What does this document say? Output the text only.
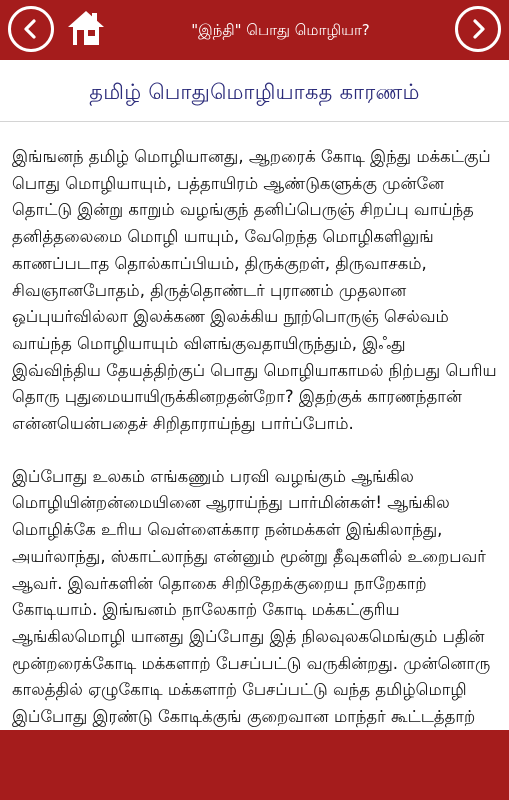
"இந்தி" பொது மொழியா?
தமிழ் பொதுமொழியாகத காரணம்

இங்ஙனந் தமிழ் மொழியானது, ஆறரைக் கோடி இந்து மக்கட்குப் பொது மொழியாயும், பத்தாயிரம் ஆண்டுகளுக்கு முன்னே தொட்டு இன்று காறும் வழங்குந் தனிப்பெருஞ் சிறப்பு வாய்ந்த தனித்தலைமை மொழி யாயும், வேறெந்த மொழிகளிலுங் காணப்படாத தொல்காப்பியம், திருக்குறள், திருவாசகம், சிவஞானபோதம், திருத்தொண்டர் புராணம் முதலான ஒப்புயர்வில்லா இலக்கண இலக்கிய நூற்பொருஞ் செல்வம் வாய்ந்த மொழியாயும் விளங்குவதாயிருந்தும், இஃது இவ்விந்திய தேயத்திற்குப் பொது மொழியாகாமல் நிற்பது பெரிய தொரு புதுமையாயிருக்கினறதன்றோ? இதற்குக் காரணந்தான் என்னயென்பதைச் சிறிதாராய்ந்து பார்ப்போம்.

இப்போது உலகம் எங்கணும் பரவி வழங்கும் ஆங்கில மொழியின்றன்மையினை ஆராய்ந்து பார்மின்கள்! ஆங்கில மொழிக்கே உரிய வெள்ளைக்கார நன்மக்கள் இங்கிலாந்து, அயர்லாந்து, ஸ்காட்லாந்து என்னும் மூன்று தீவுகளில் உறைபவர் ஆவர். இவர்களின் தொகை சிறிதேறக்குறைய நாறேகாற் கோடியாம். இங்ஙனம் நாலேகாற் கோடி மக்கட்குரிய ஆங்கிலமொழி யானது இப்போது இத் நிலவுலகமெங்கும் பதின் மூன்றரைக்கோடி மக்களாற் பேசப்பட்டு வருகின்றது. முன்னொரு காலத்தில் ஏழுகோடி மக்களாற் பேசப்பட்டு வந்த தமிழ்மொழி இப்போது இரண்டு கோடிக்குங் குறைவான மாந்தர் கூட்டத்தாற்
